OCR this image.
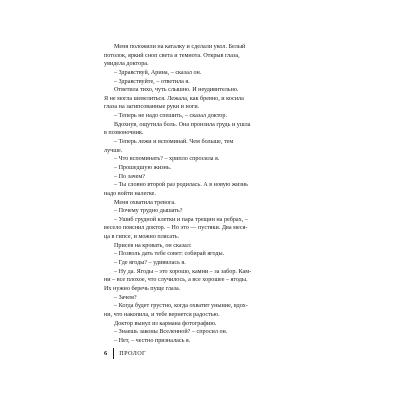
Меня положили на каталку и сделали укол. Белый
потолок, яркий сноп света и темнота. Открыв глаза,
увидела доктора.
– Здравствуй, Арина, – сказал он.
– Здравствуйте, – ответила я.
Ответила тихо, чуть слышно. И неудивительно.
Я не могла шевелиться. Лежала, как бревно, и косила
глаза на загипсованные руки и ноги.
– Теперь не надо спешить, – сказал доктор.
Вдохнув, ощутила боль. Она пронзила грудь и ушла
в позвоночник.
– Теперь лежи и вспоминай. Чем больше, тем
лучше.
– Что вспоминать? – хрипло спросила я.
– Прошедшую жизнь.
– По зачем?
– Ты словно второй раз родилась. А в новую жизнь
надо войти налегке.
Меня охватила тревога.
– Почему трудно дышать?
– Ушиб грудной клетки и пара трещин на ребрах, –
весело пояснил доктор. – Но это — пустяки. Два меся-
ца в гипсе, и можно плясать.
Присев на кровать, он сказал:
– Позволь дать тебе совет: собирай ягоды.
– Где ягоды? – удивилась я.
– Ну да. Ягоды – это хорошо, камни – за забор. Кам-
ни – все плохое, что случилось, а все хорошее – ягоды.
Их нужно беречь пуще глаза.
– Зачем?
– Когда будет грустно, когда охватит уныние, вдох-
ни, что накопила, и тебе вернется радостью.
Доктор вынул из кармана фотографию.
– Знаешь законы Вселенной? – спросил он.
– Нет, – честно призналась я.
6 ПРОЛОГ
